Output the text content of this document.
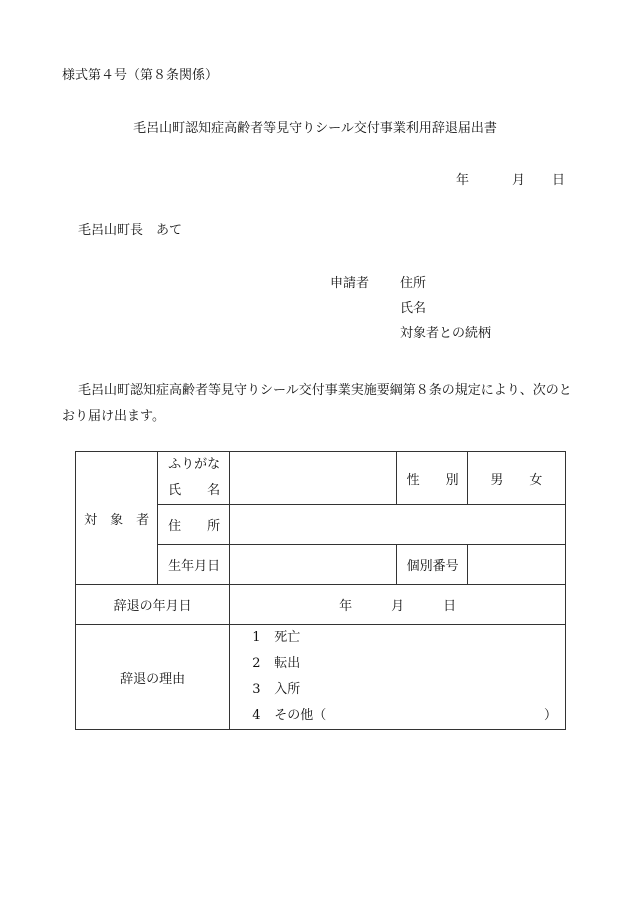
様式第４号（第８条関係）
毛呂山町認知症高齢者等見守りシール交付事業利用辞退届出書
年	月 日
毛呂山町長　あて
申請者 住所
氏名
対象者との続柄
毛呂山町認知症高齢者等見守りシール交付事業実施要綱第８条の規定により、次のとおり届け出ます。
対　象　者	ふりがな
氏　　名		性　　別	男　　女
	住　　所			
	生年月日		個別番号	
辞退の年月日		年　　　月　　　日		
辞退の理由		1 死亡
2 転出
3 入所
4 その他（ ）		
